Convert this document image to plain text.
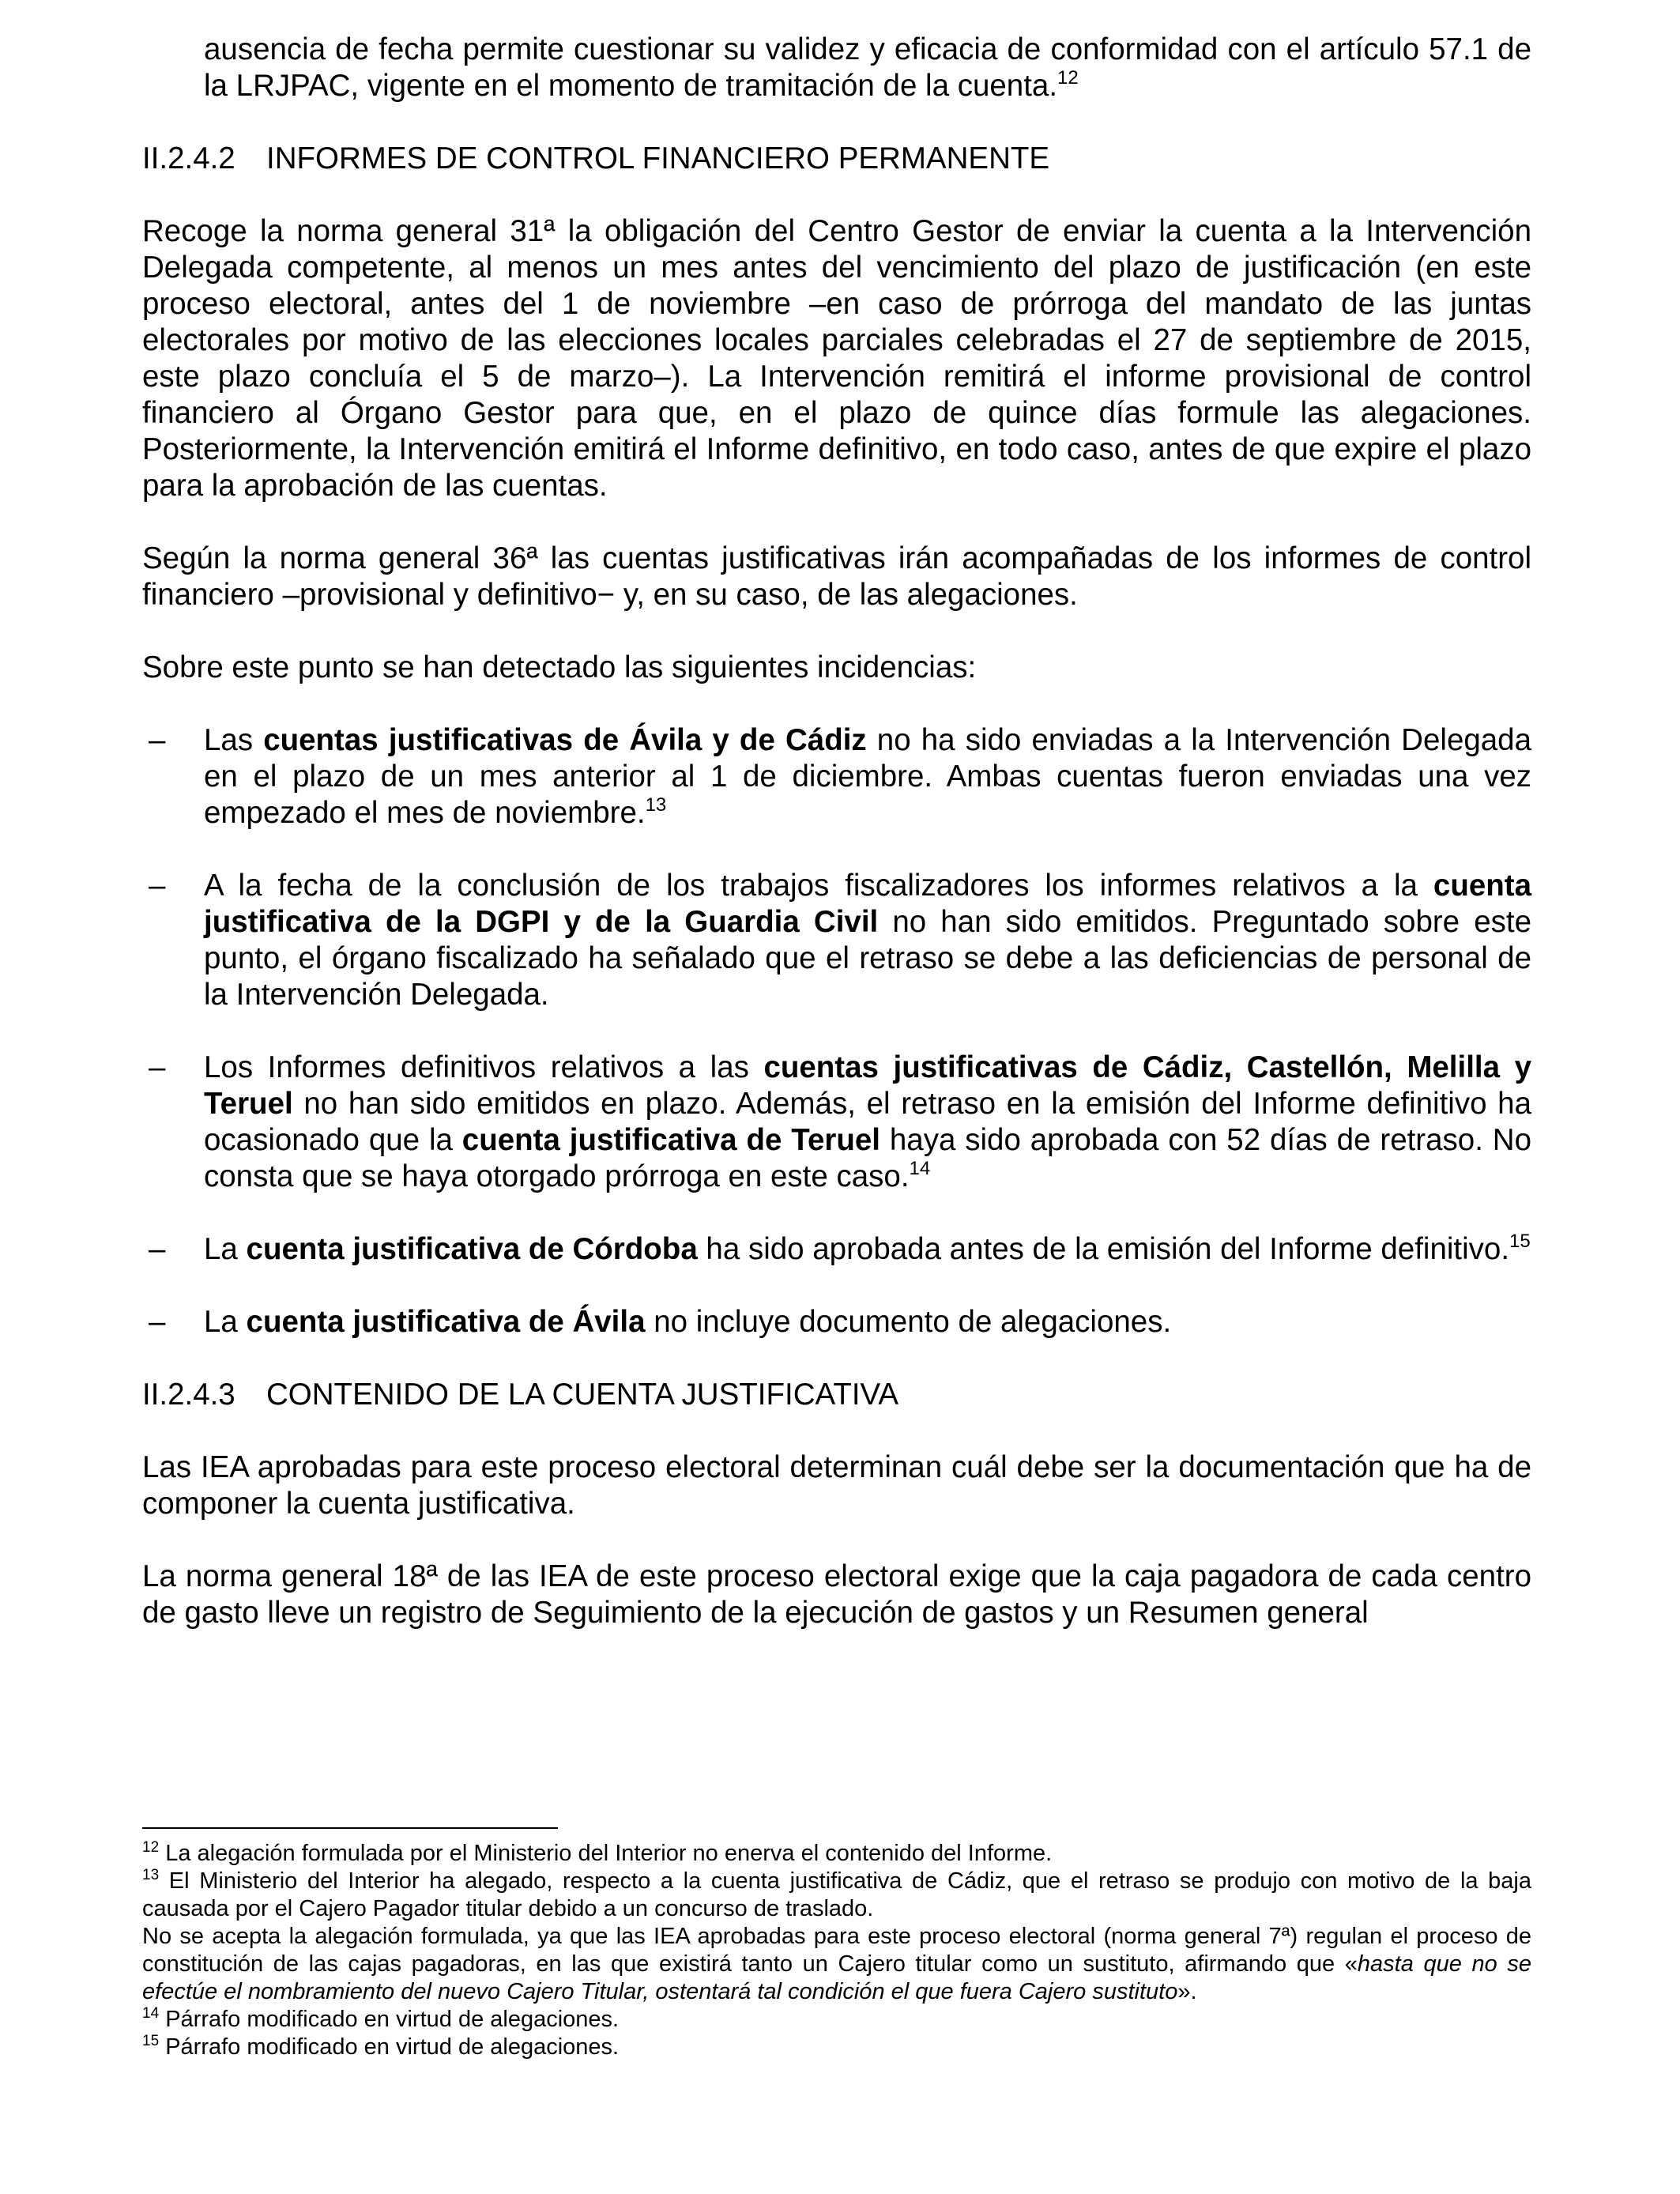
ausencia de fecha permite cuestionar su validez y eficacia de conformidad con el artículo 57.1 de la LRJPAC, vigente en el momento de tramitación de la cuenta.$^{12}$

II.2.4.2 INFORMES DE CONTROL FINANCIERO PERMANENTE

Recoge la norma general 31ª la obligación del Centro Gestor de enviar la cuenta a la Intervención Delegada competente, al menos un mes antes del vencimiento del plazo de justificación (en este proceso electoral, antes del 1 de noviembre –en caso de prórroga del mandato de las juntas electorales por motivo de las elecciones locales parciales celebradas el 27 de septiembre de 2015, este plazo concluía el 5 de marzo–). La Intervención remitirá el informe provisional de control financiero al Órgano Gestor para que, en el plazo de quince días formule las alegaciones. Posteriormente, la Intervención emitirá el Informe definitivo, en todo caso, antes de que expire el plazo para la aprobación de las cuentas.

Según la norma general 36ª las cuentas justificativas irán acompañadas de los informes de control financiero –provisional y definitivo− y, en su caso, de las alegaciones.

Sobre este punto se han detectado las siguientes incidencias:

–	Las cuentas justificativas de Ávila y de Cádiz no ha sido enviadas a la Intervención Delegada en el plazo de un mes anterior al 1 de diciembre. Ambas cuentas fueron enviadas una vez empezado el mes de noviembre.$^{13}$

–	A la fecha de la conclusión de los trabajos fiscalizadores los informes relativos a la cuenta justificativa de la DGPI y de la Guardia Civil no han sido emitidos. Preguntado sobre este punto, el órgano fiscalizado ha señalado que el retraso se debe a las deficiencias de personal de la Intervención Delegada.

–	Los Informes definitivos relativos a las cuentas justificativas de Cádiz, Castellón, Melilla y Teruel no han sido emitidos en plazo. Además, el retraso en la emisión del Informe definitivo ha ocasionado que la cuenta justificativa de Teruel haya sido aprobada con 52 días de retraso. No consta que se haya otorgado prórroga en este caso.$^{14}$

–	La cuenta justificativa de Córdoba ha sido aprobada antes de la emisión del Informe definitivo.$^{15}$

–	La cuenta justificativa de Ávila no incluye documento de alegaciones.

II.2.4.3 CONTENIDO DE LA CUENTA JUSTIFICATIVA

Las IEA aprobadas para este proceso electoral determinan cuál debe ser la documentación que ha de componer la cuenta justificativa.

La norma general 18ª de las IEA de este proceso electoral exige que la caja pagadora de cada centro de gasto lleve un registro de Seguimiento de la ejecución de gastos y un Resumen general

$^{12}$ La alegación formulada por el Ministerio del Interior no enerva el contenido del Informe.

$^{13}$ El Ministerio del Interior ha alegado, respecto a la cuenta justificativa de Cádiz, que el retraso se produjo con motivo de la baja causada por el Cajero Pagador titular debido a un concurso de traslado.

No se acepta la alegación formulada, ya que las IEA aprobadas para este proceso electoral (norma general 7ª) regulan el proceso de constitución de las cajas pagadoras, en las que existirá tanto un Cajero titular como un sustituto, afirmando que «hasta que no se efectúe el nombramiento del nuevo Cajero Titular, ostentará tal condición el que fuera Cajero sustituto».

$^{14}$ Párrafo modificado en virtud de alegaciones.

$^{15}$ Párrafo modificado en virtud de alegaciones.
